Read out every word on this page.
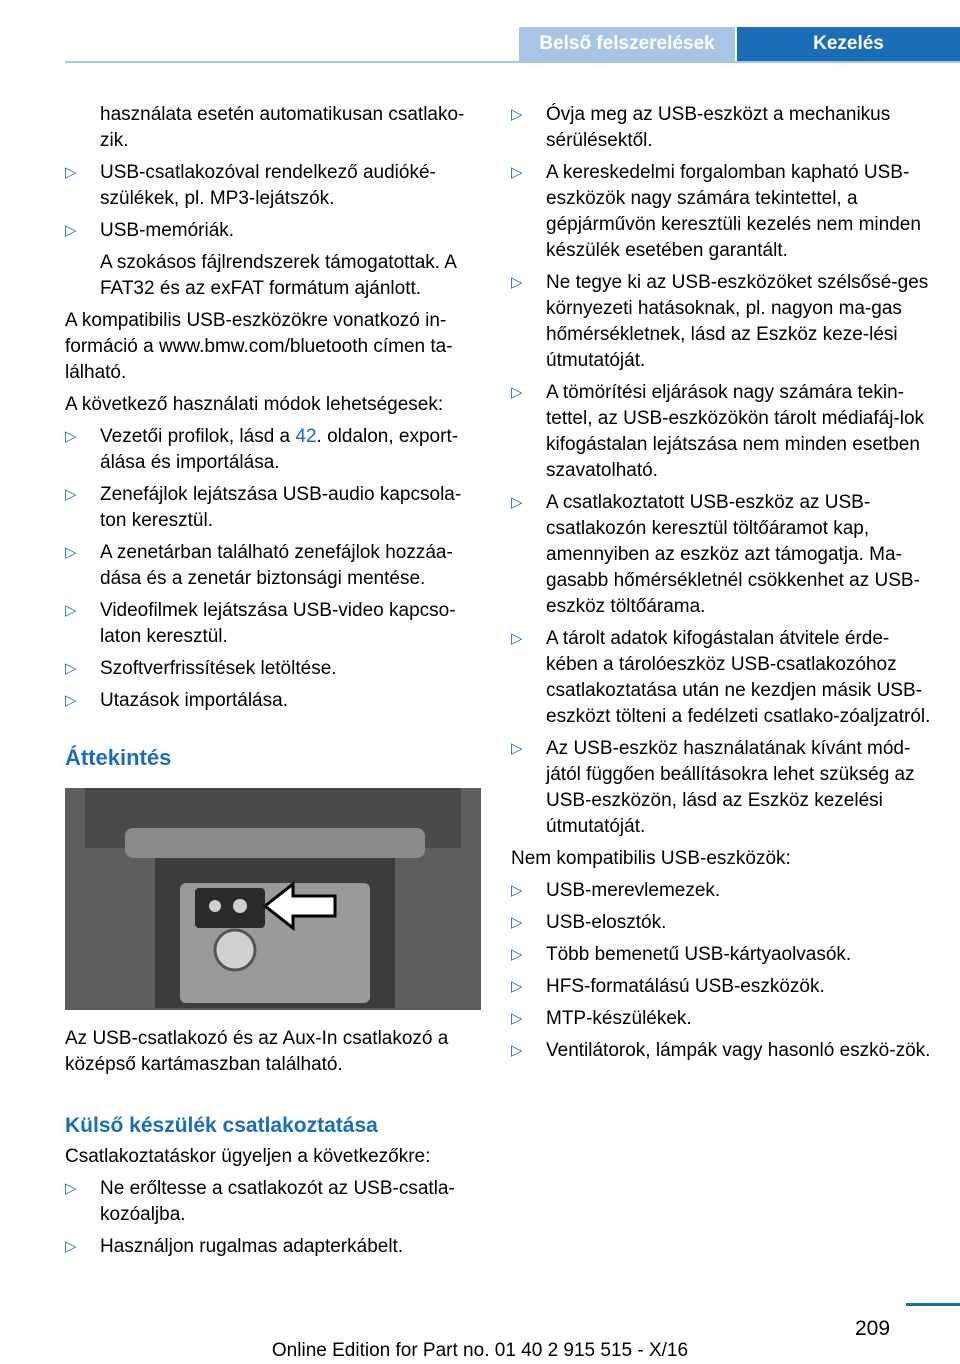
Belső felszerelések	Kezelés
használata esetén automatikusan csatlako-zik.
▷ USB-csatlakozóval rendelkező audióké-szülékek, pl. MP3-lejátszók.
▷ USB-memóriák.
A szokásos fájlrendszerek támogatottak. A FAT32 és az exFAT formátum ajánlott.
A kompatibilis USB-eszközökre vonatkozó in-formáció a www.bmw.com/bluetooth címen ta-lálható.
A következő használati módok lehetségesek:
▷ Vezetői profilok, lásd a 42. oldalon, export-álása és importálása.
▷ Zenefájlok lejátszása USB-audio kapcsola-ton keresztül.
▷ A zenetárban található zenefájlok hozzáa-dása és a zenetár biztonsági mentése.
▷ Videofilmek lejátszása USB-video kapcso-laton keresztül.
▷ Szoftverfrissítések letöltése.
▷ Utazások importálása.
Áttekintés
Az USB-csatlakozó és az Aux-In csatlakozó a középső kartámaszban található.
Külső készülék csatlakoztatása
Csatlakoztatáskor ügyeljen a következőkre:
▷ Ne erőltesse a csatlakozót az USB-csatla-kozóaljba.
▷ Használjon rugalmas adapterkábelt.
▷ Óvja meg az USB-eszközt a mechanikus sérülésektől.
▷ A kereskedelmi forgalomban kapható USB-eszközök nagy számára tekintettel, a gépjárművön keresztüli kezelés nem minden készülék esetében garantált.
▷ Ne tegye ki az USB-eszközöket szélsősé-ges környezeti hatásoknak, pl. nagyon ma-gas hőmérsékletnek, lásd az Eszköz keze-lési útmutatóját.
▷ A tömörítési eljárások nagy számára tekin-tettel, az USB-eszközökön tárolt médiafáj-lok kifogástalan lejátszása nem minden esetben szavatolható.
▷ A csatlakoztatott USB-eszköz az USB-csatlakozón keresztül töltőáramot kap, amennyiben az eszköz azt támogatja. Ma-gasabb hőmérsékletnél csökkenhet az USB-eszköz töltőárama.
▷ A tárolt adatok kifogástalan átvitele érde-kében a tárolóeszköz USB-csatlakozóhoz csatlakoztatása után ne kezdjen másik USB-eszközt tölteni a fedélzeti csatlako-zóaljzatról.
▷ Az USB-eszköz használatának kívánt mód-jától függően beállításokra lehet szükség az USB-eszközön, lásd az Eszköz kezelési útmutatóját.
Nem kompatibilis USB-eszközök:
▷ USB-merevlemezek.
▷ USB-elosztók.
▷ Több bemenetű USB-kártyaolvasók.
▷ HFS-formatálású USB-eszközök.
▷ MTP-készülékek.
▷ Ventilátorok, lámpák vagy hasonló eszkö-zök.
209
Online Edition for Part no. 01 40 2 915 515 - X/16
